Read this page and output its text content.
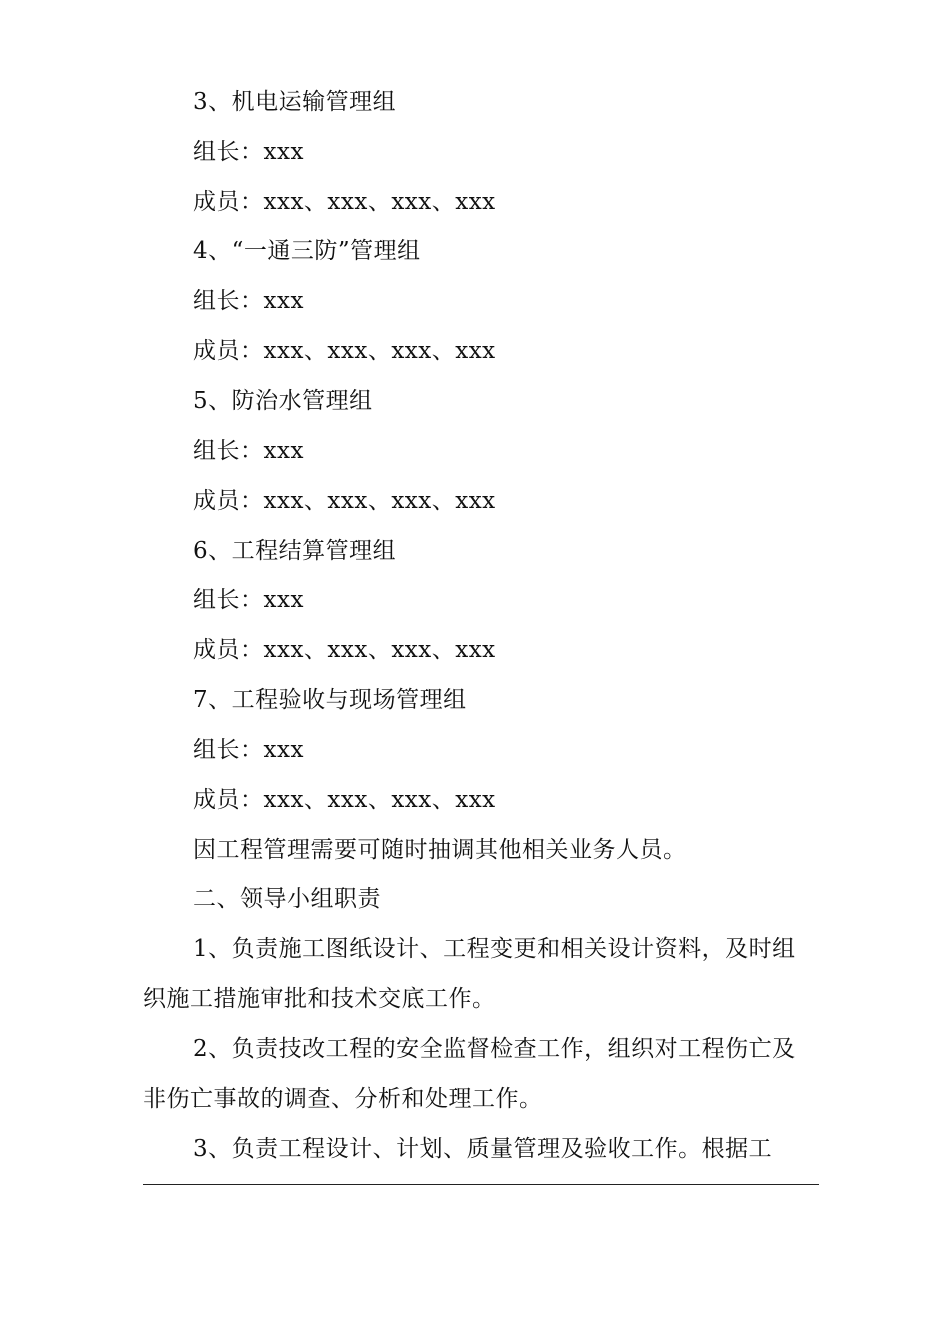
3、机电运输管理组
组长：xxx
成员：xxx、xxx、xxx、xxx
4、“一通三防”管理组
组长：xxx
成员：xxx、xxx、xxx、xxx
5、防治水管理组
组长：xxx
成员：xxx、xxx、xxx、xxx
6、工程结算管理组
组长：xxx
成员：xxx、xxx、xxx、xxx
7、工程验收与现场管理组
组长：xxx
成员：xxx、xxx、xxx、xxx
因工程管理需要可随时抽调其他相关业务人员。
二、领导小组职责
1、负责施工图纸设计、工程变更和相关设计资料，及时组
织施工措施审批和技术交底工作。
2、负责技改工程的安全监督检查工作，组织对工程伤亡及
非伤亡事故的调查、分析和处理工作。
3、负责工程设计、计划、质量管理及验收工作。根据工
